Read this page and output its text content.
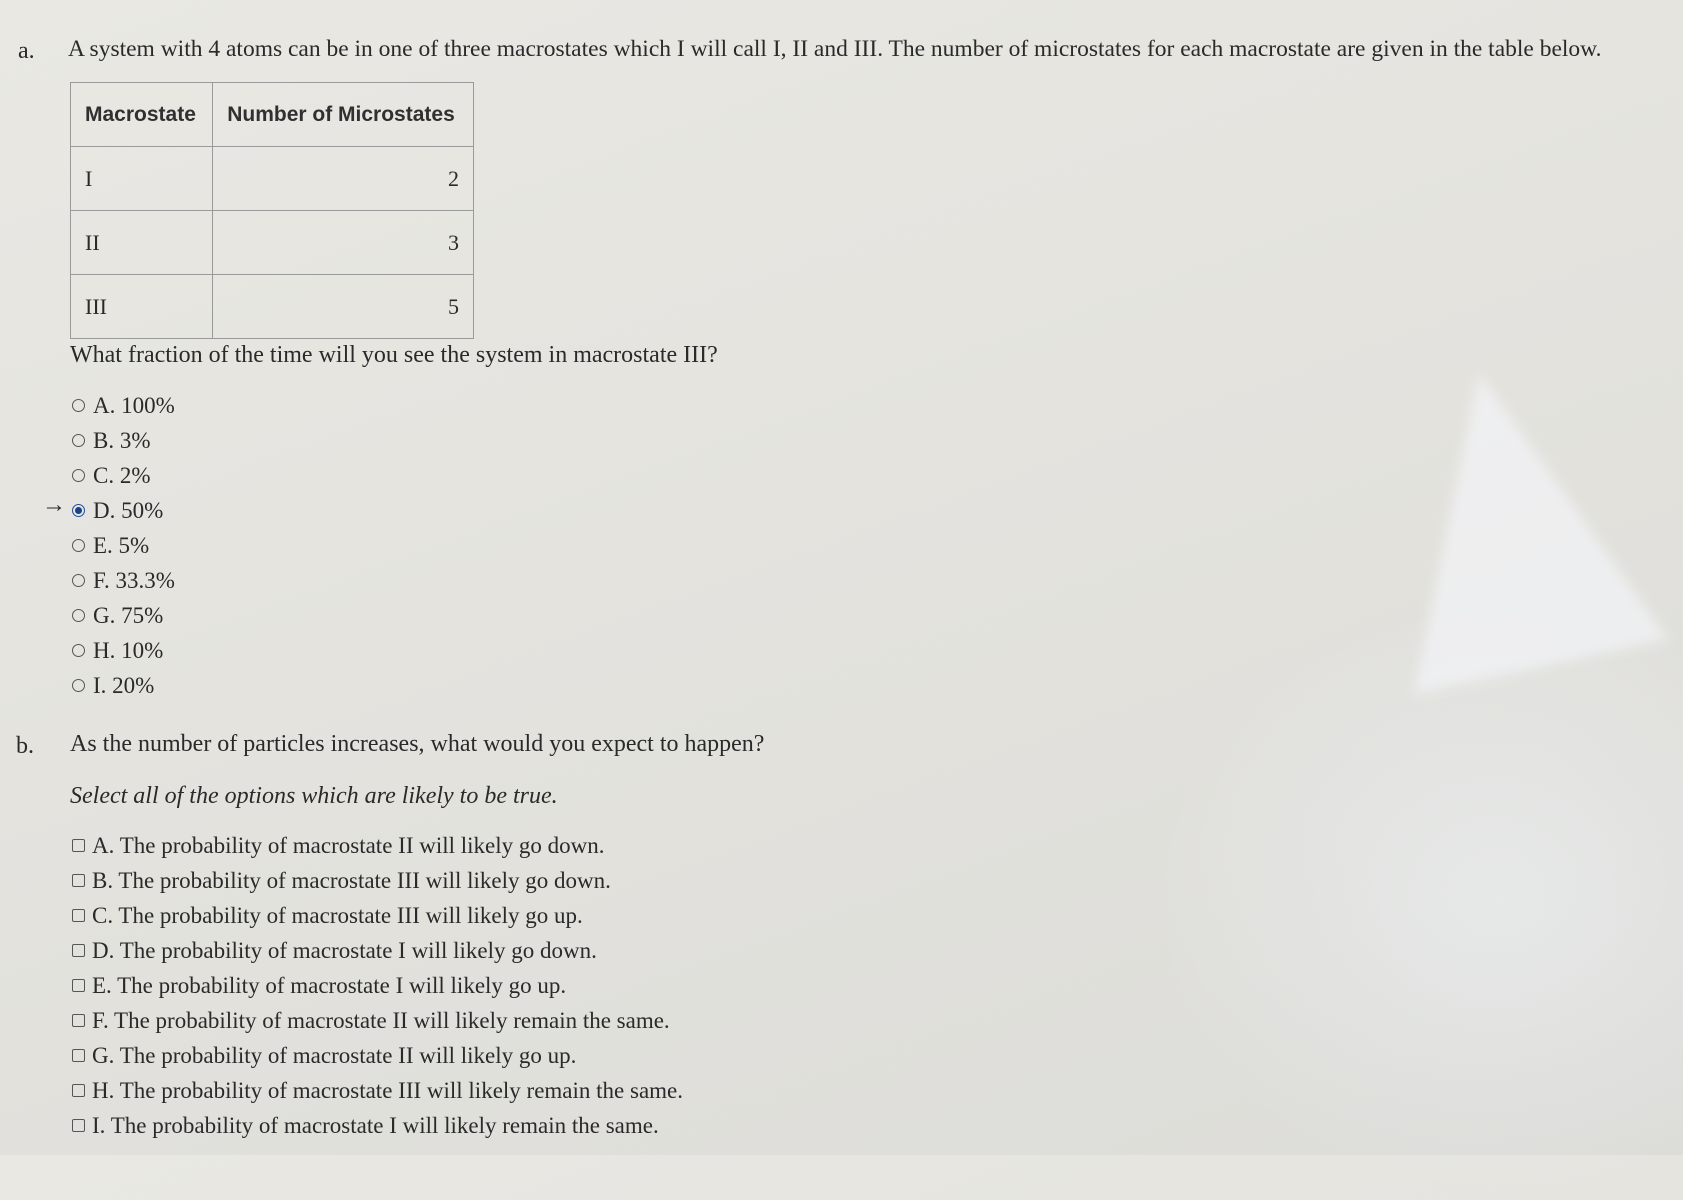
a. A system with 4 atoms can be in one of three macrostates which I will call I, II and III. The number of microstates for each macrostate are given in the table below.
Macrostate	Number of Microstates
I	2
II	3
III	5
What fraction of the time will you see the system in macrostate III?
→
A. 100%
B. 3%
C. 2%
D. 50%
E. 5%
F. 33.3%
G. 75%
H. 10%
I. 20%
b. As the number of particles increases, what would you expect to happen?
Select all of the options which are likely to be true.
A. The probability of macrostate II will likely go down.
B. The probability of macrostate III will likely go down.
C. The probability of macrostate III will likely go up.
D. The probability of macrostate I will likely go down.
E. The probability of macrostate I will likely go up.
F. The probability of macrostate II will likely remain the same.
G. The probability of macrostate II will likely go up.
H. The probability of macrostate III will likely remain the same.
I. The probability of macrostate I will likely remain the same.
